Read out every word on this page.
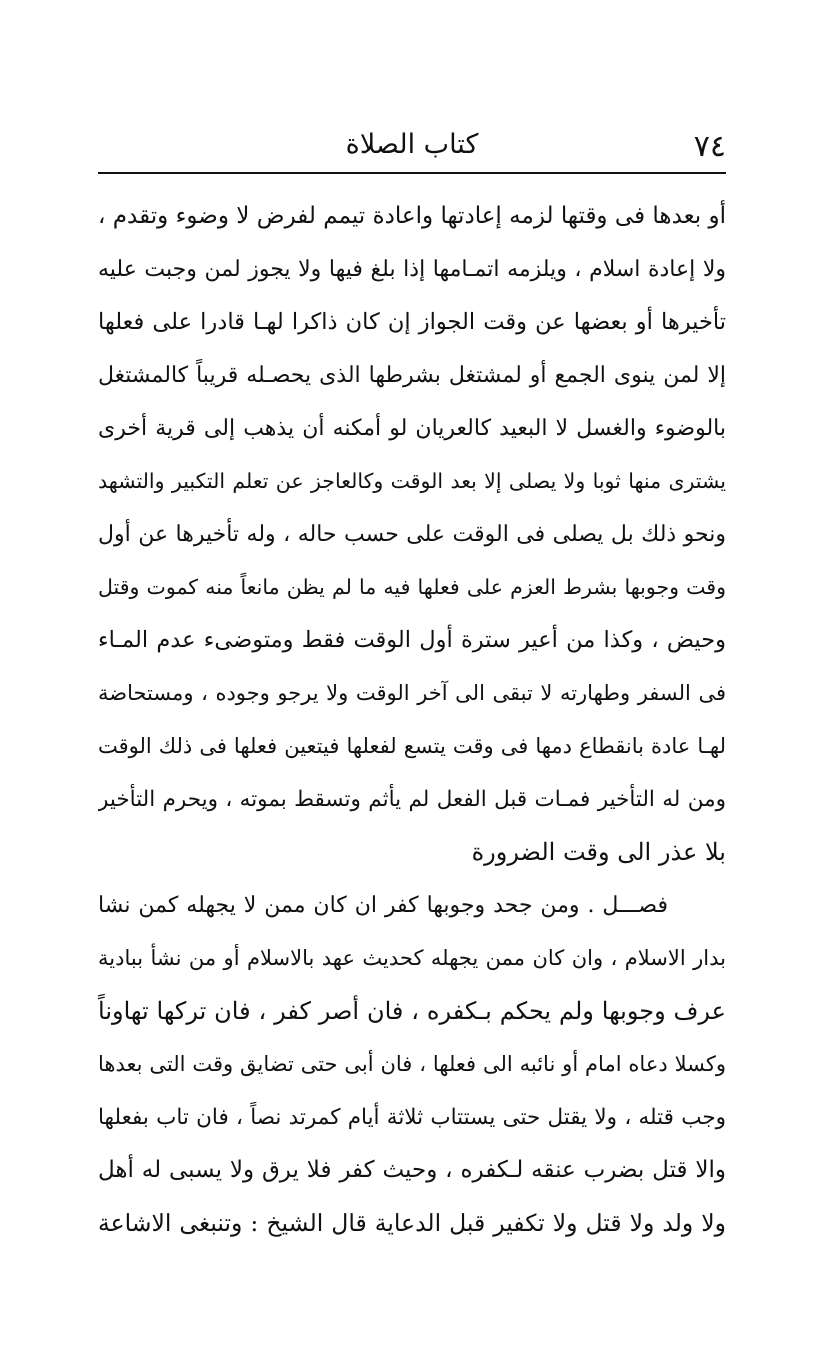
٧٤
كتاب الصلاة
أو بعدها فى وقتها لزمه إعادتها واعادة تيمم لفرض لا وضوء وتقدم ،
ولا إعادة اسلام ، ويلزمه اتمـامها إذا بلغ فيها ولا يجوز لمن وجبت عليه
تأخيرها أو بعضها عن وقت الجواز إن كان ذاكرا لهـا قادرا على فعلها
إلا لمن ينوى الجمع أو لمشتغل بشرطها الذى يحصـله قريباً كالمشتغل
بالوضوء والغسل لا البعيد كالعريان لو أمكنه أن يذهب إلى قرية أخرى
يشترى منها ثوبا ولا يصلى إلا بعد الوقت وكالعاجز عن تعلم التكبير والتشهد
ونحو ذلك بل يصلى فى الوقت على حسب حاله ، وله تأخيرها عن أول
وقت وجوبها بشرط العزم على فعلها فيه ما لم يظن مانعاً منه كموت وقتل
وحيض ، وكذا من أعير سترة أول الوقت فقط ومتوضىء عدم المـاء
فى السفر وطهارته لا تبقى الى آخر الوقت ولا يرجو وجوده ، ومستحاضة
لهـا عادة بانقطاع دمها فى وقت يتسع لفعلها فيتعين فعلها فى ذلك الوقت
ومن له التأخير فمـات قبل الفعل لم يأثم وتسقط بموته ، ويحرم التأخير
بلا عذر الى وقت الضرورة
فصـــل . ومن جحد وجوبها كفر ان كان ممن لا يجهله كمن نشا
بدار الاسلام ، وان كان ممن يجهله كحديث عهد بالاسلام أو من نشأ ببادية
عرف وجوبها ولم يحكم بـكفره ، فان أصر كفر ، فان تركها تهاوناً
وكسلا دعاه امام أو نائبه الى فعلها ، فان أبى حتى تضايق وقت التى بعدها
وجب قتله ، ولا يقتل حتى يستتاب ثلاثة أيام كمرتد نصاً ، فان تاب بفعلها
والا قتل بضرب عنقه لـكفره ، وحيث كفر فلا يرق ولا يسبى له أهل
ولا ولد ولا قتل ولا تكفير قبل الدعاية قال الشيخ : وتنبغى الاشاعة
